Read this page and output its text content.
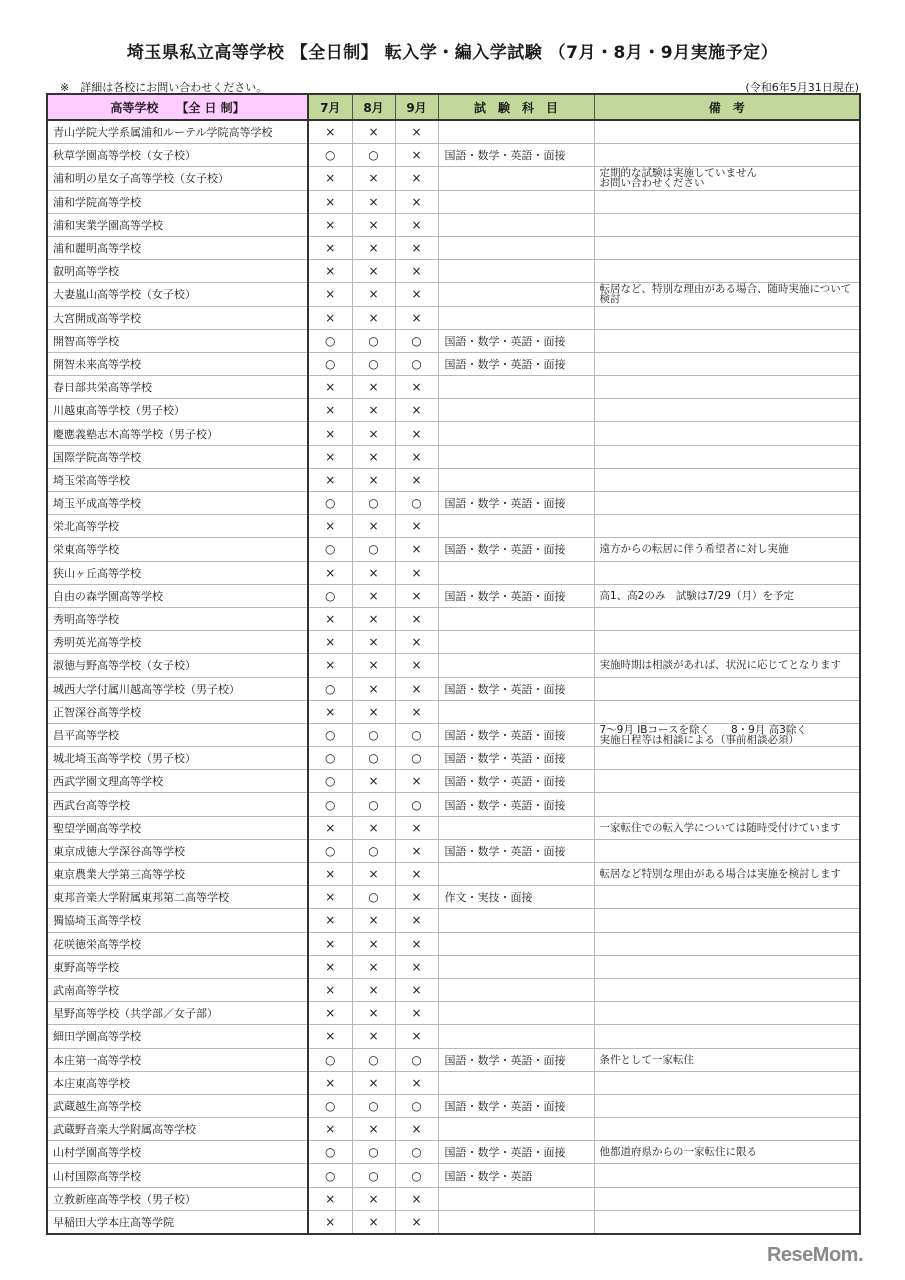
埼玉県私立高等学校 【全日制】 転入学・編入学試験 （7月・8月・9月実施予定）
※　詳細は各校にお問い合わせください。	(令和6年5月31日現在)
高等学校　　【全 日 制】	7月	8月	9月	試　験　科　目	備　考
青山学院大学系属浦和ルーテル学院高等学校	×	×	×		
秋草学園高等学校（女子校）	○	○	×	国語・数学・英語・面接	
浦和明の星女子高等学校（女子校）	×	×	×		定期的な試験は実施していません
お問い合わせください
浦和学院高等学校	×	×	×		
浦和実業学園高等学校	×	×	×		
浦和麗明高等学校	×	×	×		
叡明高等学校	×	×	×		
大妻嵐山高等学校（女子校）	×	×	×		転居など、特別な理由がある場合、随時実施について検討
大宮開成高等学校	×	×	×		
開智高等学校	○	○	○	国語・数学・英語・面接	
開智未来高等学校	○	○	○	国語・数学・英語・面接	
春日部共栄高等学校	×	×	×		
川越東高等学校（男子校）	×	×	×		
慶應義塾志木高等学校（男子校）	×	×	×		
国際学院高等学校	×	×	×		
埼玉栄高等学校	×	×	×		
埼玉平成高等学校	○	○	○	国語・数学・英語・面接	
栄北高等学校	×	×	×		
栄東高等学校	○	○	×	国語・数学・英語・面接	遠方からの転居に伴う希望者に対し実施
狭山ヶ丘高等学校	×	×	×		
自由の森学園高等学校	○	×	×	国語・数学・英語・面接	高1、高2のみ　試験は7/29（月）を予定
秀明高等学校	×	×	×		
秀明英光高等学校	×	×	×		
淑徳与野高等学校（女子校）	×	×	×		実施時期は相談があれば、状況に応じてとなります
城西大学付属川越高等学校（男子校）	○	×	×	国語・数学・英語・面接	
正智深谷高等学校	×	×	×		
昌平高等学校	○	○	○	国語・数学・英語・面接	7～9月 IBコースを除く　　8・9月 高3除く
実施日程等は相談による（事前相談必須）
城北埼玉高等学校（男子校）	○	○	○	国語・数学・英語・面接	
西武学園文理高等学校	○	×	×	国語・数学・英語・面接	
西武台高等学校	○	○	○	国語・数学・英語・面接	
聖望学園高等学校	×	×	×		一家転住での転入学については随時受付けています
東京成徳大学深谷高等学校	○	○	×	国語・数学・英語・面接	
東京農業大学第三高等学校	×	×	×		転居など特別な理由がある場合は実施を検討します
東邦音楽大学附属東邦第二高等学校	×	○	×	作文・実技・面接	
獨協埼玉高等学校	×	×	×		
花咲徳栄高等学校	×	×	×		
東野高等学校	×	×	×		
武南高等学校	×	×	×		
星野高等学校（共学部／女子部）	×	×	×		
細田学園高等学校	×	×	×		
本庄第一高等学校	○	○	○	国語・数学・英語・面接	条件として一家転住
本庄東高等学校	×	×	×		
武蔵越生高等学校	○	○	○	国語・数学・英語・面接	
武蔵野音楽大学附属高等学校	×	×	×		
山村学園高等学校	○	○	○	国語・数学・英語・面接	他都道府県からの一家転住に限る
山村国際高等学校	○	○	○	国語・数学・英語	
立教新座高等学校（男子校）	×	×	×		
早稲田大学本庄高等学院	×	×	×		
ReseMom.
